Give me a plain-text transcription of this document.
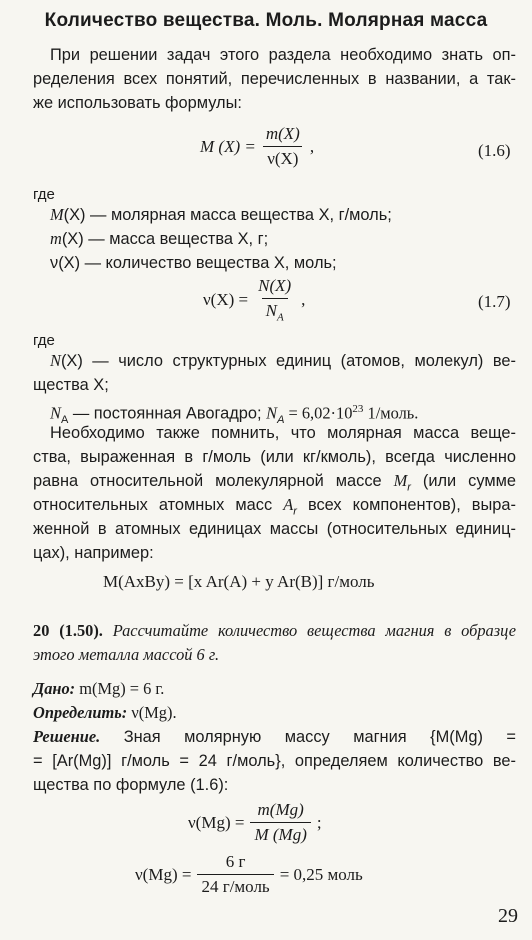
Количество вещества. Моль. Молярная масса
При решении задач этого раздела необходимо знать оп-
ределения всех понятий, перечисленных в названии, а так-
же использовать формулы:
M $(X) = \frac{m(X)}{\nu(X)}$ ,	(1.6)
где
M(X) — молярная масса вещества X, г/моль;
m(X) — масса вещества X, г;
ν(X) — количество вещества X, моль;
$\nu(X) = \frac{N(X)}{N_A}$ ,	(1.7)
где
N(X) — число структурных единиц (атомов, молекул) ве-
щества X;
$N_A$ — постоянная Авогадро; $N_A = 6,02\cdot 10^{23}$ 1/моль.
Необходимо также помнить, что молярная масса веще-
ства, выраженная в г/моль (или кг/кмоль), всегда численно
равна относительной молекулярной массе $M_r$ (или сумме
относительных атомных масс $A_r$ всех компонентов), выра-
женной в атомных единицах массы (относительных единиц-
цах), например:
M(AxBy) = [x Ar(A) + y Ar(B)] г/моль
20 (1.50). Рассчитайте количество вещества магния в образце
этого металла массой 6 г.
Дано: m(Mg) = 6 г.
Определить: ν(Mg).
Решение. Зная молярную массу магния {M(Mg) =
= [Ar(Mg)] г/моль = 24 г/моль}, определяем количество ве-
щества по формуле (1.6):
$\nu(Mg) = \frac{m(Mg)}{M (Mg)}$ ;
$\nu(Mg) = \frac{6 г}{\text{24 г/моль}} = 0,25$ моль
29
